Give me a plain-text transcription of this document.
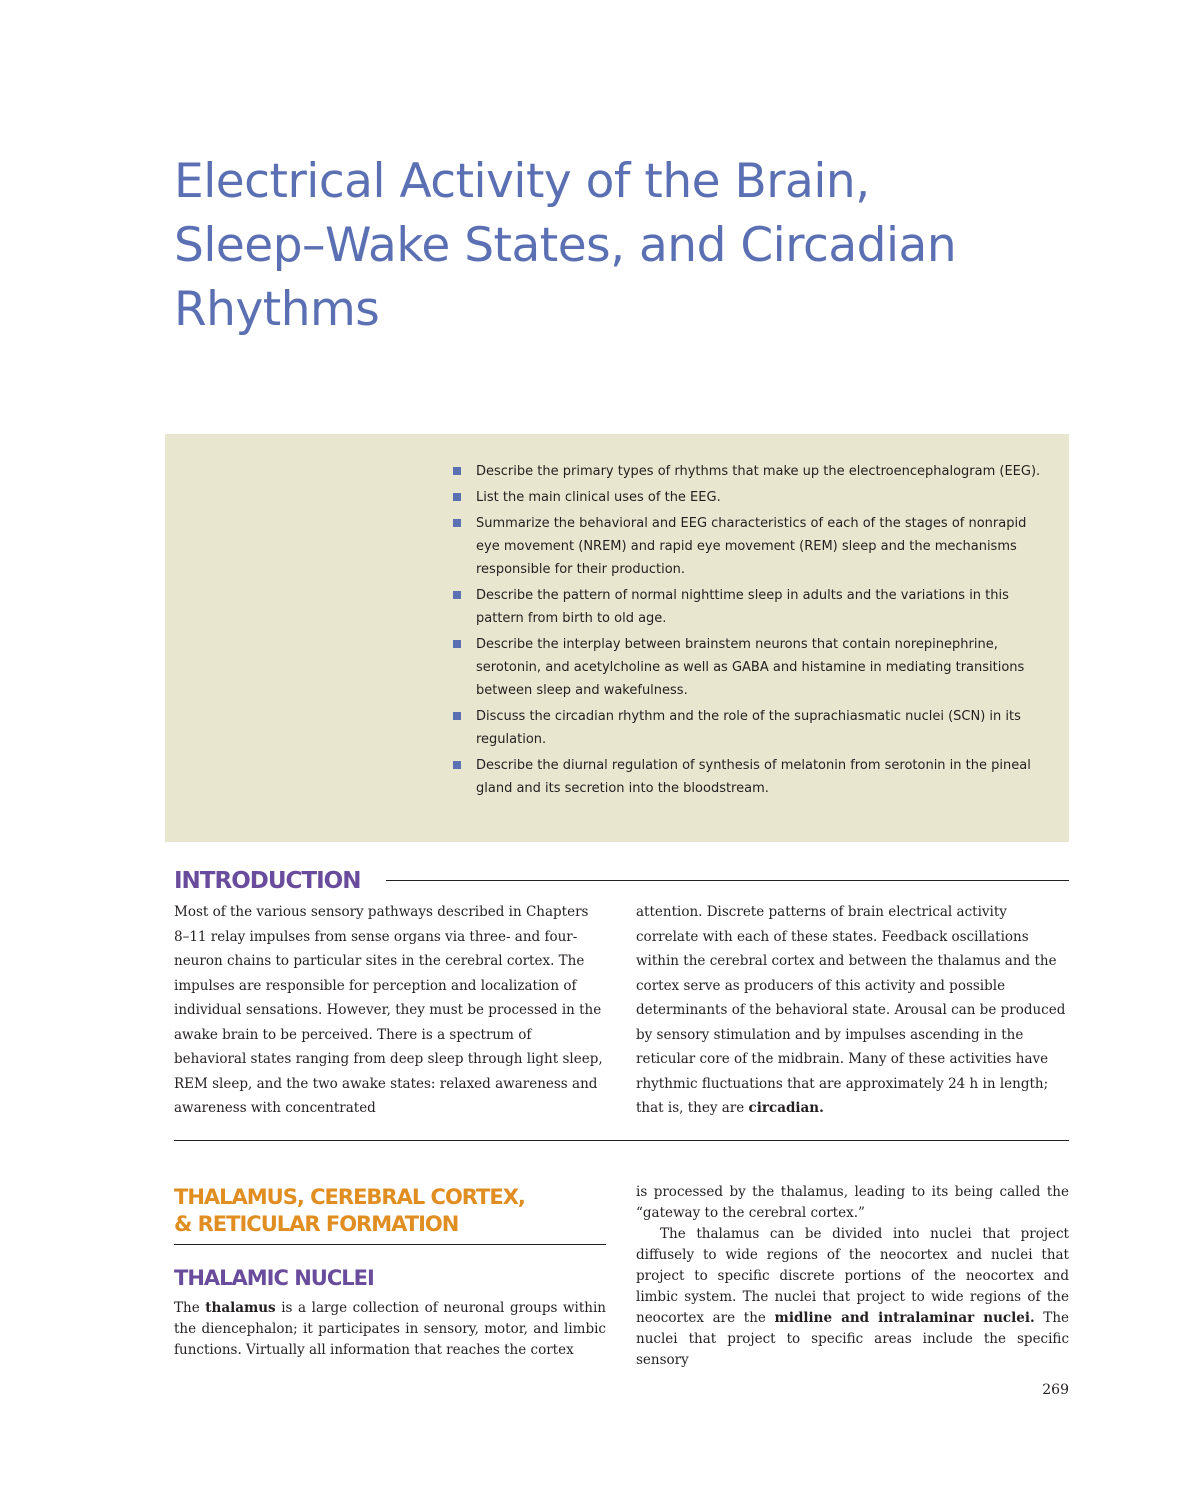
Electrical Activity of the Brain,
Sleep–Wake States, and Circadian
Rhythms
Describe the primary types of rhythms that make up the electroencephalogram (EEG).
List the main clinical uses of the EEG.
Summarize the behavioral and EEG characteristics of each of the stages of nonrapid eye movement (NREM) and rapid eye movement (REM) sleep and the mechanisms responsible for their production.
Describe the pattern of normal nighttime sleep in adults and the variations in this pattern from birth to old age.
Describe the interplay between brainstem neurons that contain norepinephrine, serotonin, and acetylcholine as well as GABA and histamine in mediating transitions between sleep and wakefulness.
Discuss the circadian rhythm and the role of the suprachiasmatic nuclei (SCN) in its regulation.
Describe the diurnal regulation of synthesis of melatonin from serotonin in the pineal gland and its secretion into the bloodstream.
INTRODUCTION

Most of the various sensory pathways described in Chapters 8–11 relay impulses from sense organs via three- and four-neuron chains to particular sites in the cerebral cortex. The impulses are responsible for perception and localization of individual sensations. However, they must be processed in the awake brain to be perceived. There is a spectrum of behavioral states ranging from deep sleep through light sleep, REM sleep, and the two awake states: relaxed awareness and awareness with concentrated

attention. Discrete patterns of brain electrical activity correlate with each of these states. Feedback oscillations within the cerebral cortex and between the thalamus and the cortex serve as producers of this activity and possible determinants of the behavioral state. Arousal can be produced by sensory stimulation and by impulses ascending in the reticular core of the midbrain. Many of these activities have rhythmic fluctuations that are approximately 24 h in length; that is, they are circadian.

THALAMUS, CEREBRAL CORTEX,
& RETICULAR FORMATION
THALAMIC NUCLEI

The thalamus is a large collection of neuronal groups within the diencephalon; it participates in sensory, motor, and limbic functions. Virtually all information that reaches the cortex

is processed by the thalamus, leading to its being called the “gateway to the cerebral cortex.”

The thalamus can be divided into nuclei that project diffusely to wide regions of the neocortex and nuclei that project to specific discrete portions of the neocortex and limbic system. The nuclei that project to wide regions of the neocortex are the midline and intralaminar nuclei. The nuclei that project to specific areas include the specific sensory

269
